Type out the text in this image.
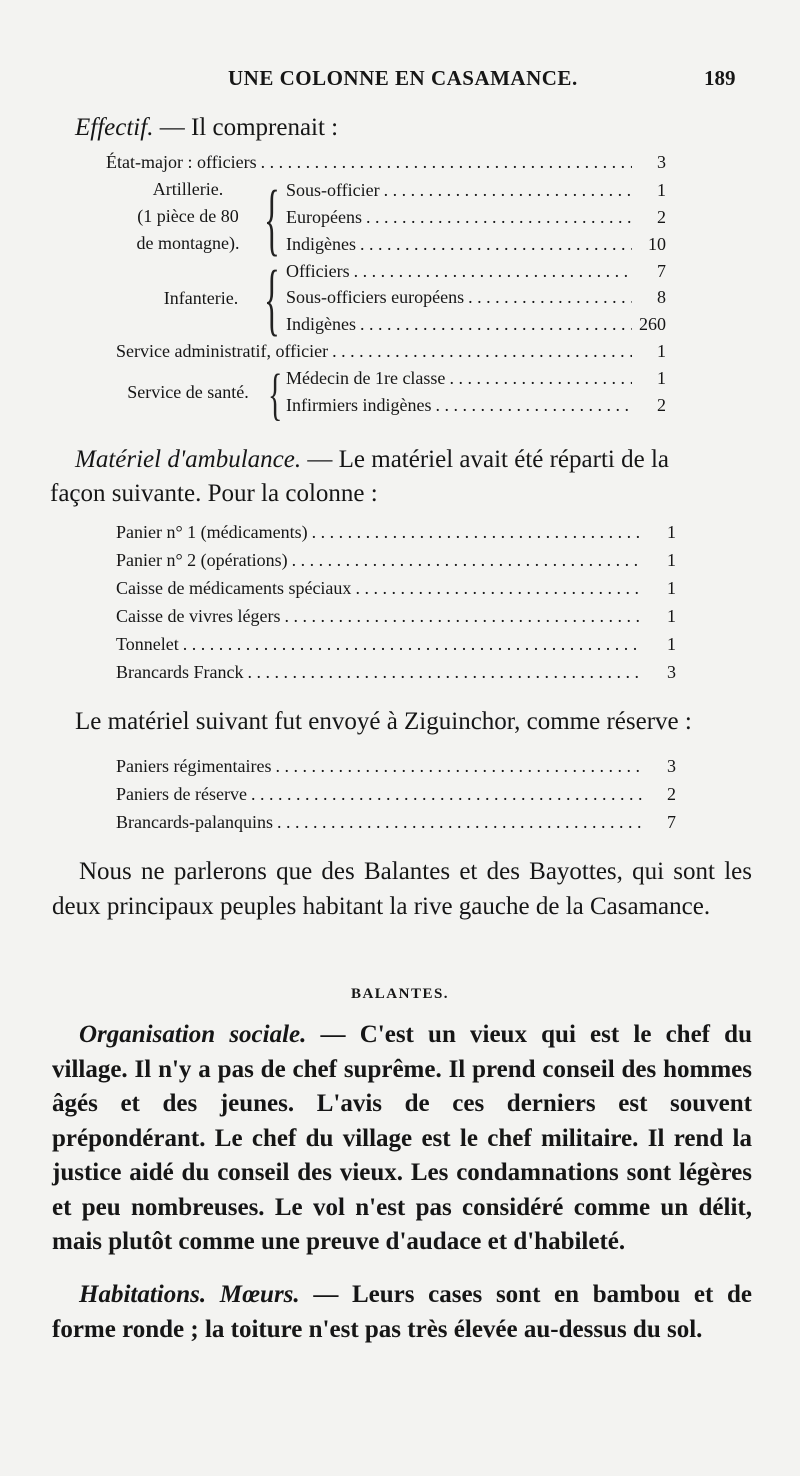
UNE COLONNE EN CASAMANCE.	189
Effectif. — Il comprenait :
État-major : officiers . . .	3
Artillerie.
(1 pièce de 80
de montagne). { Sous-officier . . .	1
Européens . . .	2
Indigènes . . .	10
Infanterie. { Officiers . . .	7
Sous-officiers européens . . .	8
Indigènes . . .	260
Service administratif, officier . . .	1
Service de santé. { Médecin de 1re classe . . .	1
Infirmiers indigènes . . .	2
Matériel d'ambulance. — Le matériel avait été réparti de la
façon suivante. Pour la colonne :
Panier n° 1 (médicaments) . . .	1
Panier n° 2 (opérations) . . .	1
Caisse de médicaments spéciaux . . .	1
Caisse de vivres légers . . .	1
Tonnelet . . .	1
Brancards Franck . . .	3
Le matériel suivant fut envoyé à Ziguinchor, comme réserve :
Paniers régimentaires . . .	3
Paniers de réserve . . .	2
Brancards-palanquins . . .	7
Nous ne parlerons que des Balantes et des Bayottes, qui sont les deux principaux peuples habitant la rive gauche de la Casamance.
BALANTES.
Organisation sociale. — C'est un vieux qui est le chef du village. Il n'y a pas de chef suprême. Il prend conseil des hommes âgés et des jeunes. L'avis de ces derniers est souvent prépondérant. Le chef du village est le chef militaire. Il rend la justice aidé du conseil des vieux. Les condamnations sont légères et peu nombreuses. Le vol n'est pas considéré comme un délit, mais plutôt comme une preuve d'audace et d'habileté.
Habitations. Mœurs. — Leurs cases sont en bambou et de forme ronde ; la toiture n'est pas très élevée au-dessus du sol.
